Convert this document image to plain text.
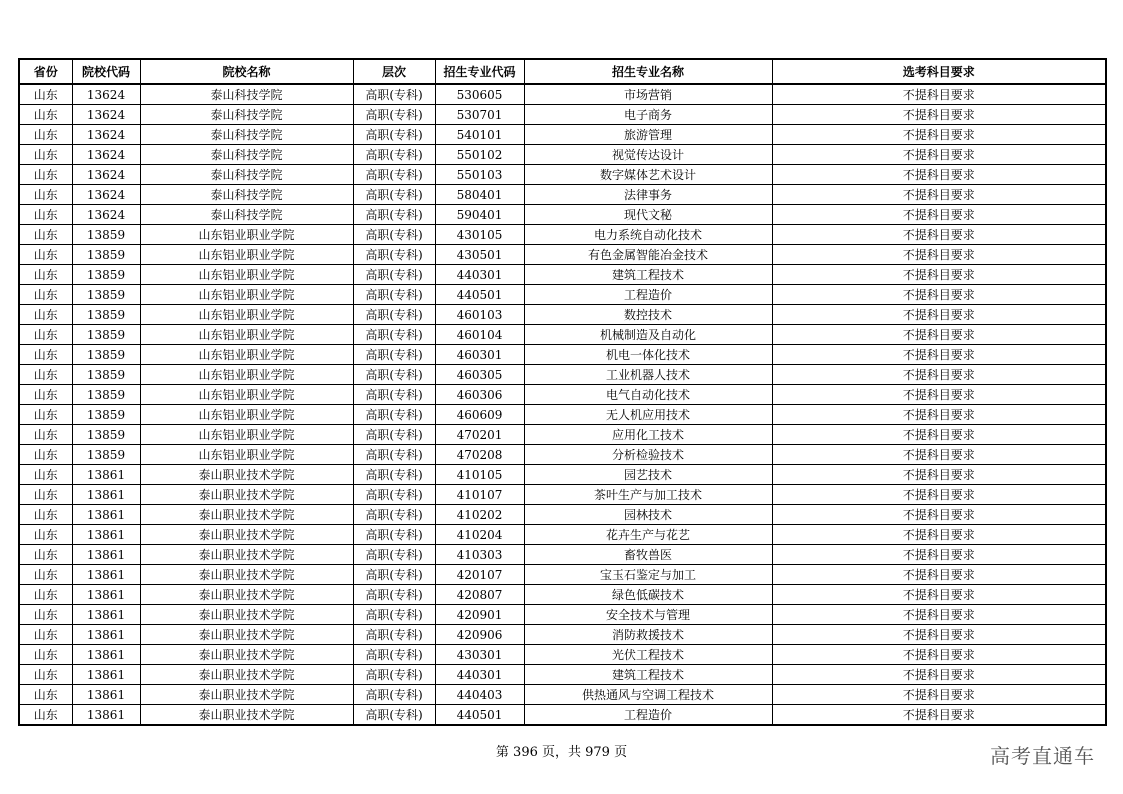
省份	院校代码	院校名称	层次	招生专业代码	招生专业名称	选考科目要求
山东	13624	泰山科技学院	高职(专科)	530605	市场营销	不提科目要求
山东	13624	泰山科技学院	高职(专科)	530701	电子商务	不提科目要求
山东	13624	泰山科技学院	高职(专科)	540101	旅游管理	不提科目要求
山东	13624	泰山科技学院	高职(专科)	550102	视觉传达设计	不提科目要求
山东	13624	泰山科技学院	高职(专科)	550103	数字媒体艺术设计	不提科目要求
山东	13624	泰山科技学院	高职(专科)	580401	法律事务	不提科目要求
山东	13624	泰山科技学院	高职(专科)	590401	现代文秘	不提科目要求
山东	13859	山东铝业职业学院	高职(专科)	430105	电力系统自动化技术	不提科目要求
山东	13859	山东铝业职业学院	高职(专科)	430501	有色金属智能冶金技术	不提科目要求
山东	13859	山东铝业职业学院	高职(专科)	440301	建筑工程技术	不提科目要求
山东	13859	山东铝业职业学院	高职(专科)	440501	工程造价	不提科目要求
山东	13859	山东铝业职业学院	高职(专科)	460103	数控技术	不提科目要求
山东	13859	山东铝业职业学院	高职(专科)	460104	机械制造及自动化	不提科目要求
山东	13859	山东铝业职业学院	高职(专科)	460301	机电一体化技术	不提科目要求
山东	13859	山东铝业职业学院	高职(专科)	460305	工业机器人技术	不提科目要求
山东	13859	山东铝业职业学院	高职(专科)	460306	电气自动化技术	不提科目要求
山东	13859	山东铝业职业学院	高职(专科)	460609	无人机应用技术	不提科目要求
山东	13859	山东铝业职业学院	高职(专科)	470201	应用化工技术	不提科目要求
山东	13859	山东铝业职业学院	高职(专科)	470208	分析检验技术	不提科目要求
山东	13861	泰山职业技术学院	高职(专科)	410105	园艺技术	不提科目要求
山东	13861	泰山职业技术学院	高职(专科)	410107	茶叶生产与加工技术	不提科目要求
山东	13861	泰山职业技术学院	高职(专科)	410202	园林技术	不提科目要求
山东	13861	泰山职业技术学院	高职(专科)	410204	花卉生产与花艺	不提科目要求
山东	13861	泰山职业技术学院	高职(专科)	410303	畜牧兽医	不提科目要求
山东	13861	泰山职业技术学院	高职(专科)	420107	宝玉石鉴定与加工	不提科目要求
山东	13861	泰山职业技术学院	高职(专科)	420807	绿色低碳技术	不提科目要求
山东	13861	泰山职业技术学院	高职(专科)	420901	安全技术与管理	不提科目要求
山东	13861	泰山职业技术学院	高职(专科)	420906	消防救援技术	不提科目要求
山东	13861	泰山职业技术学院	高职(专科)	430301	光伏工程技术	不提科目要求
山东	13861	泰山职业技术学院	高职(专科)	440301	建筑工程技术	不提科目要求
山东	13861	泰山职业技术学院	高职(专科)	440403	供热通风与空调工程技术	不提科目要求
山东	13861	泰山职业技术学院	高职(专科)	440501	工程造价	不提科目要求
第 396 页，共 979 页	高考直通车
